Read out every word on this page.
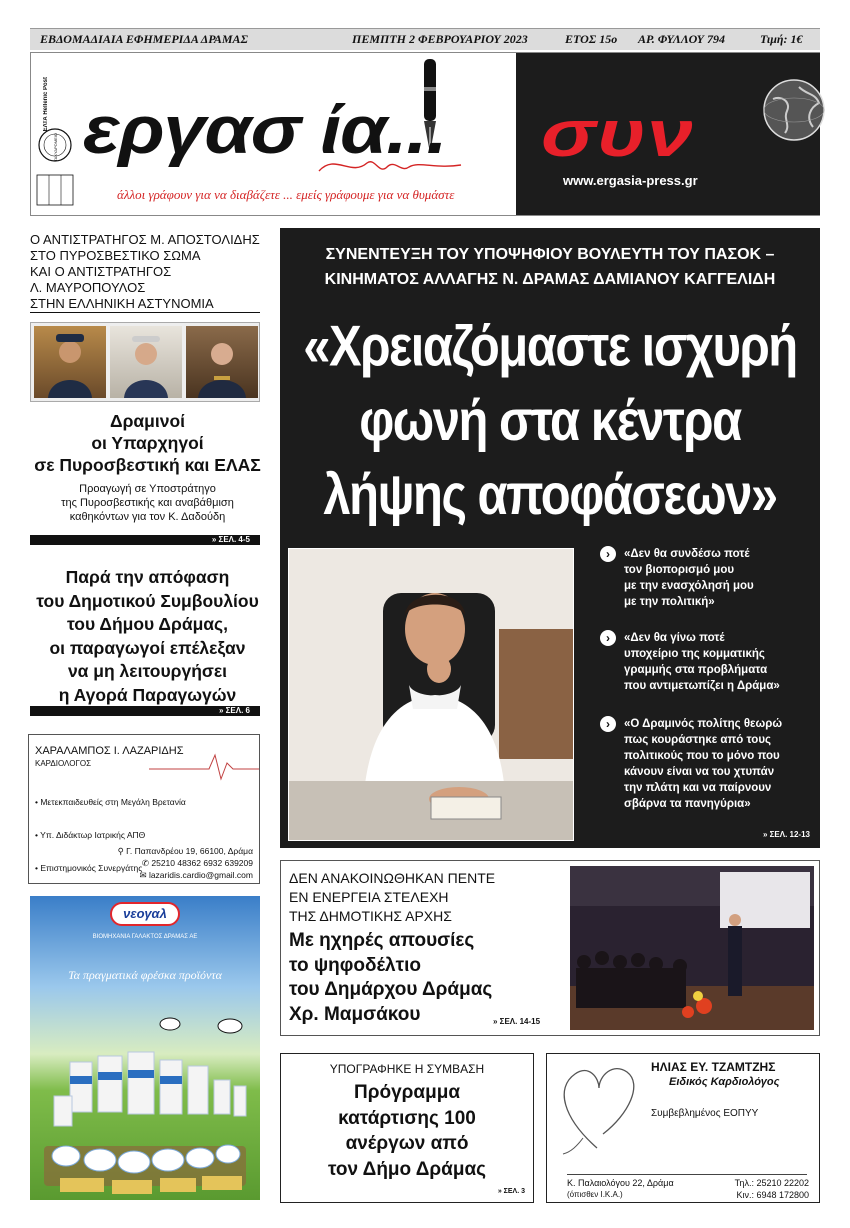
ΕΒΔΟΜΑΔΙΑΙΑ ΕΦΗΜΕΡΙΔΑ ΔΡΑΜΑΣ	ΠΕΜΠΤΗ 2 ΦΕΒΡΟΥΑΡΙΟΥ 2023	ΕΤΟΣ 15ο ΑΡ. ΦΥΛΛΟΥ 794	Τιμή: 1€
ΕΛΤΑ Hellenic Post
ΤΑΧΥΔΡΟΜΕΙΟ εργασ ία... συν
άλλοι γράφουν για να διαβάζετε ... εμείς γράφουμε για να θυμάστε
www.ergasia-press.gr
Ο ΑΝΤΙΣΤΡΑΤΗΓΟΣ Μ. ΑΠΟΣΤΟΛΙΔΗΣ
ΣΤΟ ΠΥΡΟΣΒΕΣΤΙΚΟ ΣΩΜΑ
ΚΑΙ Ο ΑΝΤΙΣΤΡΑΤΗΓΟΣ
Λ. ΜΑΥΡΟΠΟΥΛΟΣ
ΣΤΗΝ ΕΛΛΗΝΙΚΗ ΑΣΤΥΝΟΜΙΑ
Δραμινοί
οι Υπαρχηγοί
σε Πυροσβεστική και ΕΛΑΣ
Προαγωγή σε Υποστράτηγο
της Πυροσβεστικής και αναβάθμιση
καθηκόντων για τον Κ. Δαδούδη
» ΣΕΛ. 4-5
Παρά την απόφαση
του Δημοτικού Συμβουλίου
του Δήμου Δράμας,
οι παραγωγοί επέλεξαν
να μη λειτουργήσει
η Αγορά Παραγωγών
» ΣΕΛ. 6
ΧΑΡΑΛΑΜΠΟΣ Ι. ΛΑΖΑΡΙΔΗΣ
ΚΑΡΔΙΟΛΟΓΟΣ

• Μετεκπαιδευθείς στη Μεγάλη Βρετανία

• Υπ. Διδάκτωρ Ιατρικής ΑΠΘ

• Επιστημονικός Συνεργάτης

⚲ Γ. Παπανδρέου 19, 66100, Δράμα
✆ 25210 48362 6932 639209
✉ lazaridis.cardio@gmail.com
νεογαλ
ΒΙΟΜΗΧΑΝΙΑ ΓΑΛΑΚΤΟΣ ΔΡΑΜΑΣ ΑΕ
Τα πραγματικά φρέσκα προϊόντα
ΣΥΝΕΝΤΕΥΞΗ ΤΟΥ ΥΠΟΨΗΦΙΟΥ ΒΟΥΛΕΥΤΗ ΤΟΥ ΠΑΣΟΚ –
ΚΙΝΗΜΑΤΟΣ ΑΛΛΑΓΗΣ Ν. ΔΡΑΜΑΣ ΔΑΜΙΑΝΟΥ ΚΑΓΓΕΛΙΔΗ
«Χρειαζόμαστε ισχυρή
φωνή στα κέντρα
λήψης αποφάσεων»
›	«Δεν θα συνδέσω ποτέ
τον βιοπορισμό μου
με την ενασχόλησή μου
με την πολιτική»
›	«Δεν θα γίνω ποτέ
υποχείριο της κομματικής
γραμμής στα προβλήματα
που αντιμετωπίζει η Δράμα»
›	«Ο Δραμινός πολίτης θεωρώ
πως κουράστηκε από τους
πολιτικούς που το μόνο που
κάνουν είναι να του χτυπάν
την πλάτη και να παίρνουν
σβάρνα τα πανηγύρια»
» ΣΕΛ. 12-13
ΔΕΝ ΑΝΑΚΟΙΝΩΘΗΚΑΝ ΠΕΝΤΕ
ΕΝ ΕΝΕΡΓΕΙΑ ΣΤΕΛΕΧΗ
ΤΗΣ ΔΗΜΟΤΙΚΗΣ ΑΡΧΗΣ
Με ηχηρές απουσίες
το ψηφοδέλτιο
του Δημάρχου Δράμας
Χρ. Μαμσάκου	» ΣΕΛ. 14-15
ΥΠΟΓΡΑΦΗΚΕ Η ΣΥΜΒΑΣΗ
Πρόγραμμα
κατάρτισης 100
ανέργων από
τον Δήμο Δράμας
» ΣΕΛ. 3
ΗΛΙΑΣ ΕΥ. ΤΖΑΜΤΖΗΣ
Ειδικός Καρδιολόγος
Συμβεβλημένος ΕΟΠΥΥ
Κ. Παλαιολόγου 22, Δράμα
(όπισθεν Ι.Κ.Α.)
Τηλ.: 25210 22202
Κιν.: 6948 172800
